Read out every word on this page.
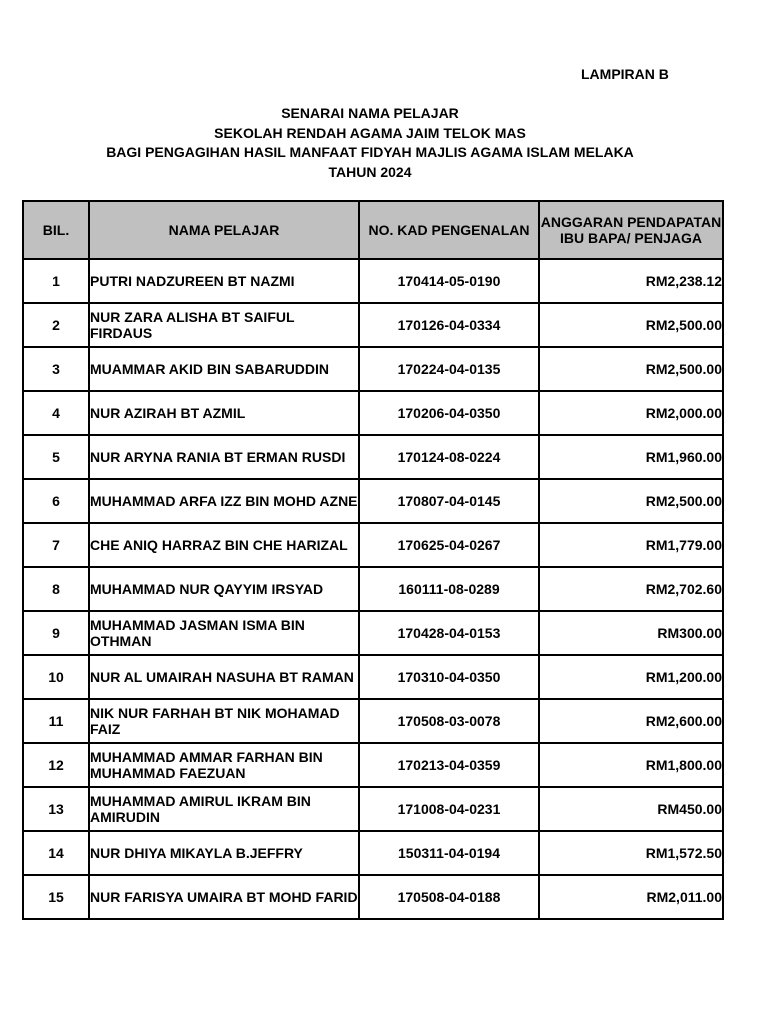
LAMPIRAN B
SENARAI NAMA PELAJAR
SEKOLAH RENDAH AGAMA JAIM TELOK MAS
BAGI PENGAGIHAN HASIL MANFAAT FIDYAH MAJLIS AGAMA ISLAM MELAKA
TAHUN 2024
BIL.	NAMA PELAJAR	NO. KAD PENGENALAN	ANGGARAN PENDAPATAN IBU BAPA/ PENJAGA
1	PUTRI NADZUREEN BT NAZMI	170414-05-0190	RM2,238.12
2	NUR ZARA ALISHA BT SAIFUL FIRDAUS	170126-04-0334	RM2,500.00
3	MUAMMAR AKID BIN SABARUDDIN	170224-04-0135	RM2,500.00
4	NUR AZIRAH BT AZMIL	170206-04-0350	RM2,000.00
5	NUR ARYNA RANIA BT ERMAN RUSDI	170124-08-0224	RM1,960.00
6	MUHAMMAD ARFA IZZ BIN MOHD AZNE	170807-04-0145	RM2,500.00
7	CHE ANIQ HARRAZ BIN CHE HARIZAL	170625-04-0267	RM1,779.00
8	MUHAMMAD NUR QAYYIM IRSYAD	160111-08-0289	RM2,702.60
9	MUHAMMAD JASMAN ISMA BIN OTHMAN	170428-04-0153	RM300.00
10	NUR AL UMAIRAH NASUHA BT RAMAN	170310-04-0350	RM1,200.00
11	NIK NUR FARHAH BT NIK MOHAMAD FAIZ	170508-03-0078	RM2,600.00
12	MUHAMMAD AMMAR FARHAN BIN MUHAMMAD FAEZUAN	170213-04-0359	RM1,800.00
13	MUHAMMAD AMIRUL IKRAM BIN AMIRUDIN	171008-04-0231	RM450.00
14	NUR DHIYA MIKAYLA B.JEFFRY	150311-04-0194	RM1,572.50
15	NUR FARISYA UMAIRA BT MOHD FARID	170508-04-0188	RM2,011.00
